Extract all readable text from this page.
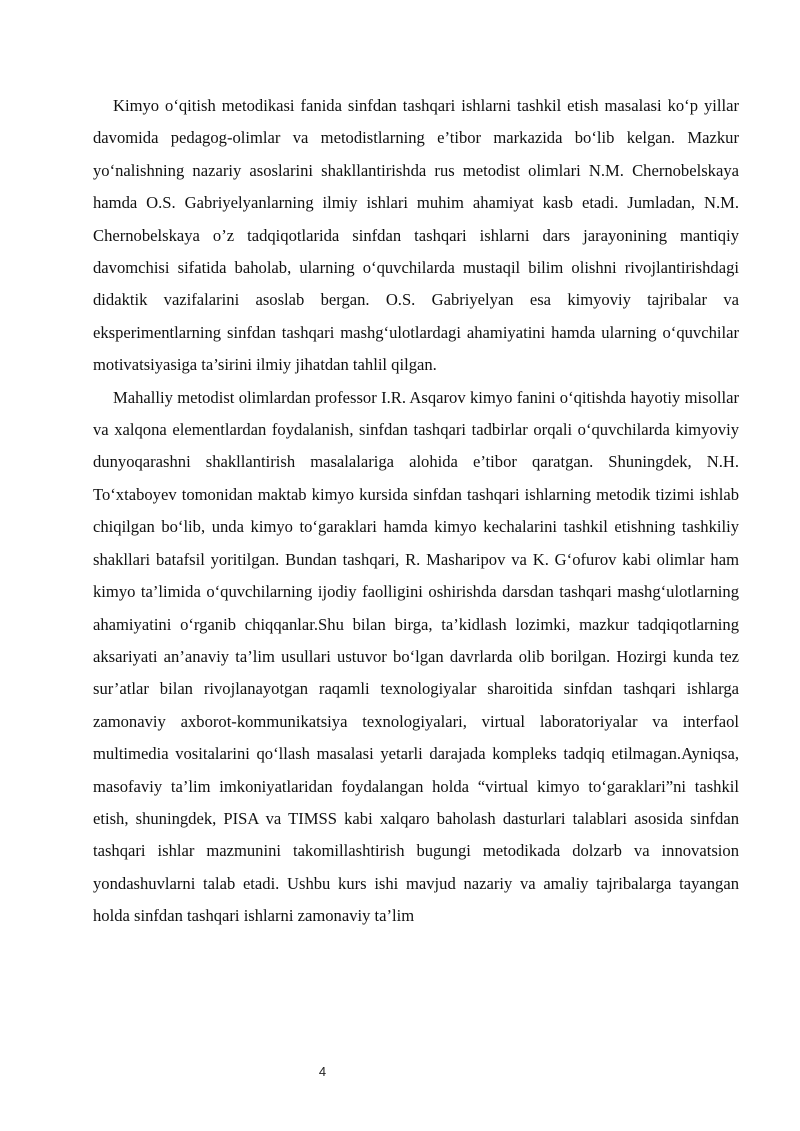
Kimyo o‘qitish metodikasi fanida sinfdan tashqari ishlarni tashkil etish masalasi ko‘p yillar davomida pedagog-olimlar va metodistlarning e’tibor markazida bo‘lib kelgan. Mazkur yo‘nalishning nazariy asoslarini shakllantirishda rus metodist olimlari N.M. Chernobelskaya hamda O.S. Gabriyelyanlarning ilmiy ishlari muhim ahamiyat kasb etadi. Jumladan, N.M. Chernobelskaya o’z tadqiqotlarida sinfdan tashqari ishlarni dars jarayonining mantiqiy davomchisi sifatida baholab, ularning o‘quvchilarda mustaqil bilim olishni rivojlantirishdagi didaktik vazifalarini asoslab bergan. O.S. Gabriyelyan esa kimyoviy tajribalar va eksperimentlarning sinfdan tashqari mashg‘ulotlardagi ahamiyatini hamda ularning o‘quvchilar motivatsiyasiga ta’sirini ilmiy jihatdan tahlil qilgan.

Mahalliy metodist olimlardan professor I.R. Asqarov kimyo fanini o‘qitishda hayotiy misollar va xalqona elementlardan foydalanish, sinfdan tashqari tadbirlar orqali o‘quvchilarda kimyoviy dunyoqarashni shakllantirish masalalariga alohida e’tibor qaratgan. Shuningdek, N.H. To‘xtaboyev tomonidan maktab kimyo kursida sinfdan tashqari ishlarning metodik tizimi ishlab chiqilgan bo‘lib, unda kimyo to‘garaklari hamda kimyo kechalarini tashkil etishning tashkiliy shakllari batafsil yoritilgan. Bundan tashqari, R. Masharipov va K. G‘ofurov kabi olimlar ham kimyo ta’limida o‘quvchilarning ijodiy faolligini oshirishda darsdan tashqari mashg‘ulotlarning ahamiyatini o‘rganib chiqqanlar.Shu bilan birga, ta’kidlash lozimki, mazkur tadqiqotlarning aksariyati an’anaviy ta’lim usullari ustuvor bo‘lgan davrlarda olib borilgan. Hozirgi kunda tez sur’atlar bilan rivojlanayotgan raqamli texnologiyalar sharoitida sinfdan tashqari ishlarga zamonaviy axborot-kommunikatsiya texnologiyalari, virtual laboratoriyalar va interfaol multimedia vositalarini qo‘llash masalasi yetarli darajada kompleks tadqiq etilmagan.Ayniqsa, masofaviy ta’lim imkoniyatlaridan foydalangan holda “virtual kimyo to‘garaklari”ni tashkil etish, shuningdek, PISA va TIMSS kabi xalqaro baholash dasturlari talablari asosida sinfdan tashqari ishlar mazmunini takomillashtirish bugungi metodikada dolzarb va innovatsion yondashuvlarni talab etadi. Ushbu kurs ishi mavjud nazariy va amaliy tajribalarga tayangan holda sinfdan tashqari ishlarni zamonaviy ta’lim

4
